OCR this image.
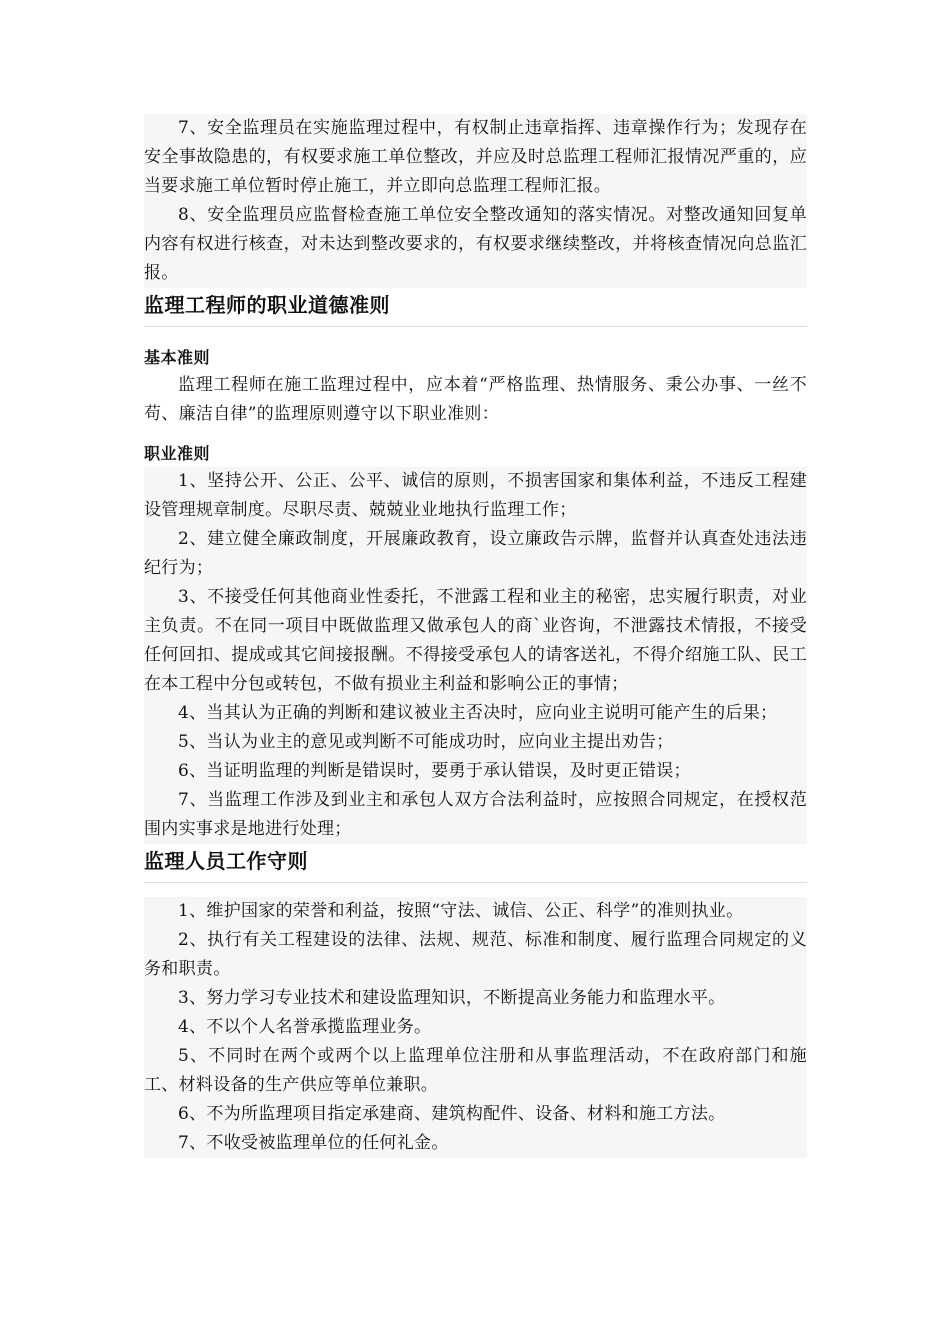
7、安全监理员在实施监理过程中，有权制止违章指挥、违章操作行为；发现存在安全事故隐患的，有权要求施工单位整改，并应及时总监理工程师汇报情况严重的，应当要求施工单位暂时停止施工，并立即向总监理工程师汇报。

8、安全监理员应监督检查施工单位安全整改通知的落实情况。对整改通知回复单内容有权进行核查，对未达到整改要求的，有权要求继续整改，并将核查情况向总监汇报。

监理工程师的职业道德准则
基本准则

监理工程师在施工监理过程中，应本着“严格监理、热情服务、秉公办事、一丝不苟、廉洁自律”的监理原则遵守以下职业准则：

职业准则

1、坚持公开、公正、公平、诚信的原则，不损害国家和集体利益，不违反工程建设管理规章制度。尽职尽责、兢兢业业地执行监理工作；

2、建立健全廉政制度，开展廉政教育，设立廉政告示牌，监督并认真查处违法违纪行为；

3、不接受任何其他商业性委托，不泄露工程和业主的秘密，忠实履行职责，对业主负责。不在同一项目中既做监理又做承包人的商`业咨询，不泄露技术情报，不接受任何回扣、提成或其它间接报酬。不得接受承包人的请客送礼，不得介绍施工队、民工在本工程中分包或转包，不做有损业主利益和影响公正的事情；

4、当其认为正确的判断和建议被业主否决时，应向业主说明可能产生的后果；

5、当认为业主的意见或判断不可能成功时，应向业主提出劝告；

6、当证明监理的判断是错误时，要勇于承认错误，及时更正错误；

7、当监理工作涉及到业主和承包人双方合法利益时，应按照合同规定，在授权范围内实事求是地进行处理；

监理人员工作守则

1、维护国家的荣誉和利益，按照“守法、诚信、公正、科学”的准则执业。

2、执行有关工程建设的法律、法规、规范、标准和制度、履行监理合同规定的义务和职责。

3、努力学习专业技术和建设监理知识，不断提高业务能力和监理水平。

4、不以个人名誉承揽监理业务。

5、不同时在两个或两个以上监理单位注册和从事监理活动，不在政府部门和施工、材料设备的生产供应等单位兼职。

6、不为所监理项目指定承建商、建筑构配件、设备、材料和施工方法。

7、不收受被监理单位的任何礼金。
